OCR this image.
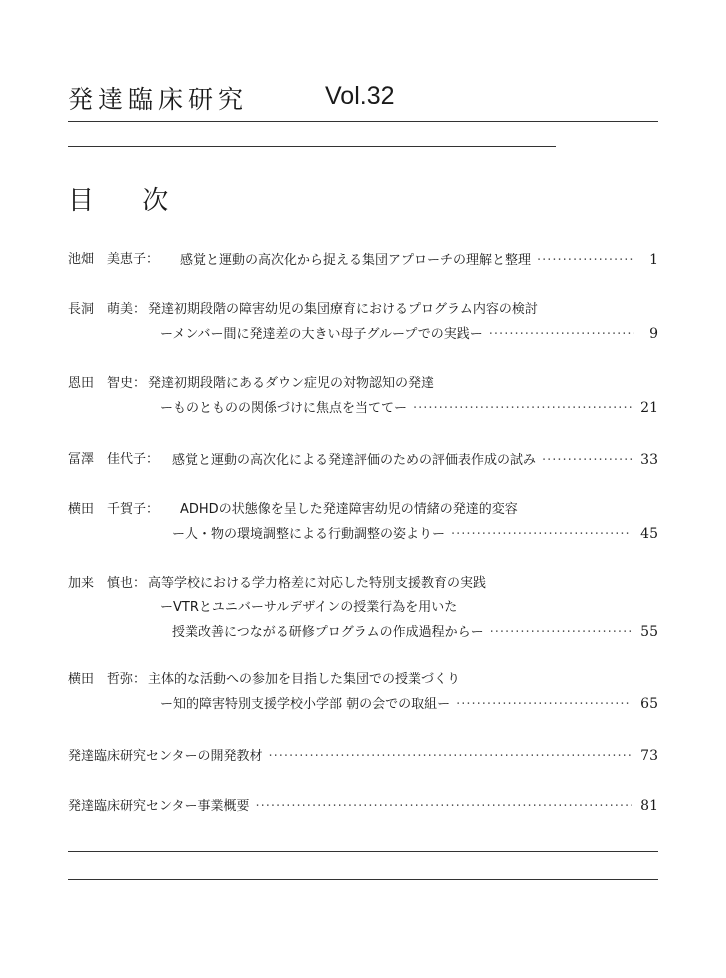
発達臨床研究	Vol.32
目 次
池畑　美恵子： 感覚と運動の高次化から捉える集団アプローチの理解と整理 ·····	1
長洞　萌美： 発達初期段階の障害幼児の集団療育におけるプログラム内容の検討
ーメンバー間に発達差の大きい母子グループでの実践ー ·····	9
恩田　智史： 発達初期段階にあるダウン症児の対物認知の発達
ーものとものの関係づけに焦点を当ててー ·····	21
冨澤　佳代子： 感覚と運動の高次化による発達評価のための評価表作成の試み ·····	33
横田　千賀子： ADHDの状態像を呈した発達障害幼児の情緒の発達的変容
ー人・物の環境調整による行動調整の姿よりー ·····	45
加来　慎也： 高等学校における学力格差に対応した特別支援教育の実践
ーVTRとユニバーサルデザインの授業行為を用いた
授業改善につながる研修プログラムの作成過程からー ·····	55
横田　哲弥： 主体的な活動への参加を目指した集団での授業づくり
ー知的障害特別支援学校小学部 朝の会での取組ー ·····	65
発達臨床研究センターの開発教材 ·····	73
発達臨床研究センター事業概要 ·····	81
